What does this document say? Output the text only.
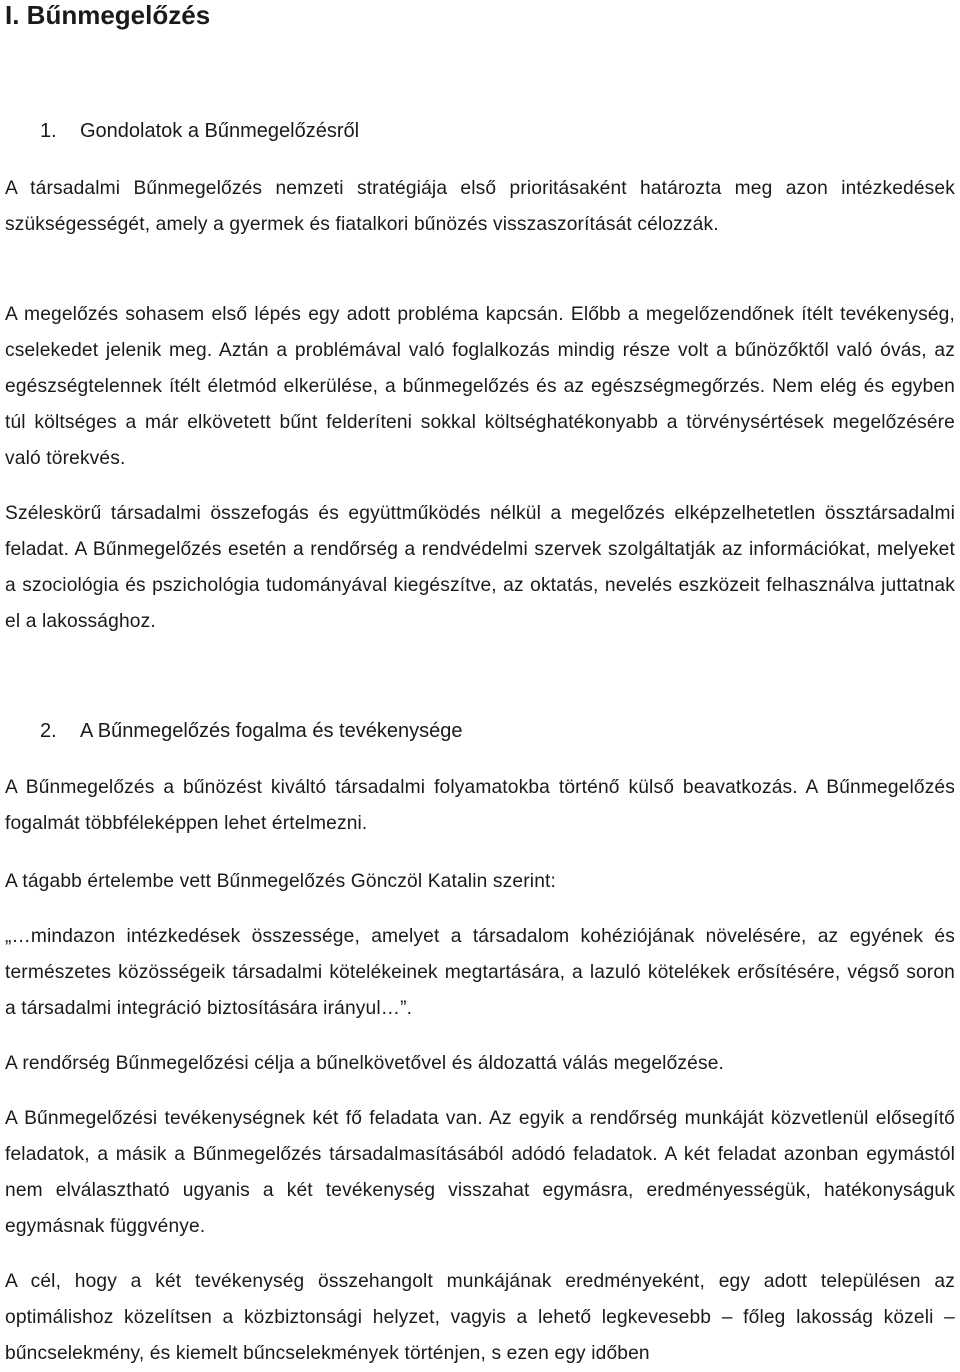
I. Bűnmegelőzés
1. Gondolatok a Bűnmegelőzésről

A társadalmi Bűnmegelőzés nemzeti stratégiája első prioritásaként határozta meg azon intézkedések szükségességét, amely a gyermek és fiatalkori bűnözés visszaszorítását célozzák.

A megelőzés sohasem első lépés egy adott probléma kapcsán. Előbb a megelőzendőnek ítélt tevékenység, cselekedet jelenik meg. Aztán a problémával való foglalkozás mindig része volt a bűnözőktől való óvás, az egészségtelennek ítélt életmód elkerülése, a bűnmegelőzés és az egészségmegőrzés. Nem elég és egyben túl költséges a már elkövetett bűnt felderíteni sokkal költséghatékonyabb a törvénysértések megelőzésére való törekvés.

Széleskörű társadalmi összefogás és együttműködés nélkül a megelőzés elképzelhetetlen össztársadalmi feladat. A Bűnmegelőzés esetén a rendőrség a rendvédelmi szervek szolgáltatják az információkat, melyeket a szociológia és pszichológia tudományával kiegészítve, az oktatás, nevelés eszközeit felhasználva juttatnak el a lakossághoz.

2. A Bűnmegelőzés fogalma és tevékenysége

A Bűnmegelőzés a bűnözést kiváltó társadalmi folyamatokba történő külső beavatkozás. A Bűnmegelőzés fogalmát többféleképpen lehet értelmezni.

A tágabb értelembe vett Bűnmegelőzés Gönczöl Katalin szerint:

„…mindazon intézkedések összessége, amelyet a társadalom kohéziójának növelésére, az egyének és természetes közösségeik társadalmi kötelékeinek megtartására, a lazuló kötelékek erősítésére, végső soron a társadalmi integráció biztosítására irányul…”.

A rendőrség Bűnmegelőzési célja a bűnelkövetővel és áldozattá válás megelőzése.

A Bűnmegelőzési tevékenységnek két fő feladata van. Az egyik a rendőrség munkáját közvetlenül elősegítő feladatok, a másik a Bűnmegelőzés társadalmasításából adódó feladatok. A két feladat azonban egymástól nem elválasztható ugyanis a két tevékenység visszahat egymásra, eredményességük, hatékonyságuk egymásnak függvénye.

A cél, hogy a két tevékenység összehangolt munkájának eredményeként, egy adott településen az optimálishoz közelítsen a közbiztonsági helyzet, vagyis a lehető legkevesebb – főleg lakosság közeli – bűncselekmény, és kiemelt bűncselekmények történjen, s ezen egy időben
